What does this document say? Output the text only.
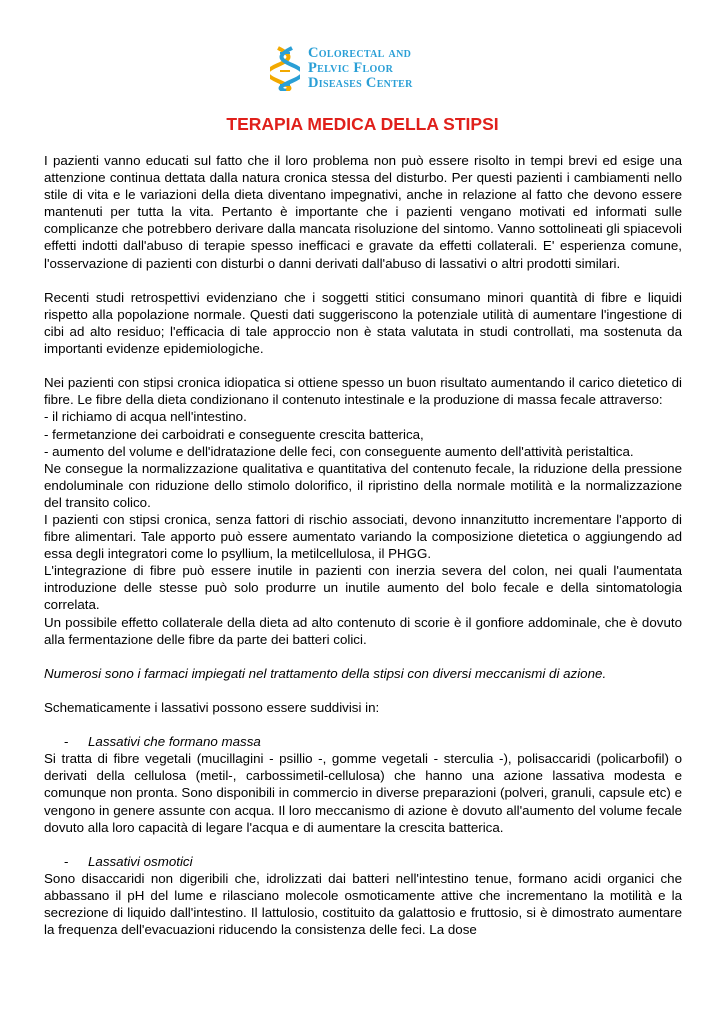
Colorectal and
Pelvic Floor
Diseases Center
TERAPIA MEDICA DELLA STIPSI

I pazienti vanno educati sul fatto che il loro problema non può essere risolto in tempi brevi ed esige una attenzione continua dettata dalla natura cronica stessa del disturbo. Per questi pazienti i cambiamenti nello stile di vita e le variazioni della dieta diventano impegnativi, anche in relazione al fatto che devono essere mantenuti per tutta la vita. Pertanto è importante che i pazienti vengano motivati ed informati sulle complicanze che potrebbero derivare dalla mancata risoluzione del sintomo. Vanno sottolineati gli spiacevoli effetti indotti dall'abuso di terapie spesso inefficaci e gravate da effetti collaterali. E' esperienza comune, l'osservazione di pazienti con disturbi o danni derivati dall'abuso di lassativi o altri prodotti similari.

Recenti studi retrospettivi evidenziano che i soggetti stitici consumano minori quantità di fibre e liquidi rispetto alla popolazione normale. Questi dati suggeriscono la potenziale utilità di aumentare l'ingestione di cibi ad alto residuo; l'efficacia di tale approccio non è stata valutata in studi controllati, ma sostenuta da importanti evidenze epidemiologiche.

Nei pazienti con stipsi cronica idiopatica si ottiene spesso un buon risultato aumentando il carico dietetico di fibre. Le fibre della dieta condizionano il contenuto intestinale e la produzione di massa fecale attraverso:

- il richiamo di acqua nell'intestino.

- fermetanzione dei carboidrati e conseguente crescita batterica,

- aumento del volume e dell'idratazione delle feci, con conseguente aumento dell'attività peristaltica.

Ne consegue la normalizzazione qualitativa e quantitativa del contenuto fecale, la riduzione della pressione endoluminale con riduzione dello stimolo dolorifico, il ripristino della normale motilità e la normalizzazione del transito colico.

I pazienti con stipsi cronica, senza fattori di rischio associati, devono innanzitutto incrementare l'apporto di fibre alimentari. Tale apporto può essere aumentato variando la composizione dietetica o aggiungendo ad essa degli integratori come lo psyllium, la metilcellulosa, il PHGG.

L'integrazione di fibre può essere inutile in pazienti con inerzia severa del colon, nei quali l'aumentata introduzione delle stesse può solo produrre un inutile aumento del bolo fecale e della sintomatologia correlata.

Un possibile effetto collaterale della dieta ad alto contenuto di scorie è il gonfiore addominale, che è dovuto alla fermentazione delle fibre da parte dei batteri colici.

Numerosi sono i farmaci impiegati nel trattamento della stipsi con diversi meccanismi di azione.

Schematicamente i lassativi possono essere suddivisi in:

- Lassativi che formano massa

Si tratta di fibre vegetali (mucillagini - psillio -, gomme vegetali - sterculia -), polisaccaridi (policarbofil) o derivati della cellulosa (metil-, carbossimetil-cellulosa) che hanno una azione lassativa modesta e comunque non pronta. Sono disponibili in commercio in diverse preparazioni (polveri, granuli, capsule etc) e vengono in genere assunte con acqua. Il loro meccanismo di azione è dovuto all'aumento del volume fecale dovuto alla loro capacità di legare l'acqua e di aumentare la crescita batterica.

- Lassativi osmotici

Sono disaccaridi non digeribili che, idrolizzati dai batteri nell'intestino tenue, formano acidi organici che abbassano il pH del lume e rilasciano molecole osmoticamente attive che incrementano la motilità e la secrezione di liquido dall'intestino. Il lattulosio, costituito da galattosio e fruttosio, si è dimostrato aumentare la frequenza dell'evacuazioni riducendo la consistenza delle feci. La dose
